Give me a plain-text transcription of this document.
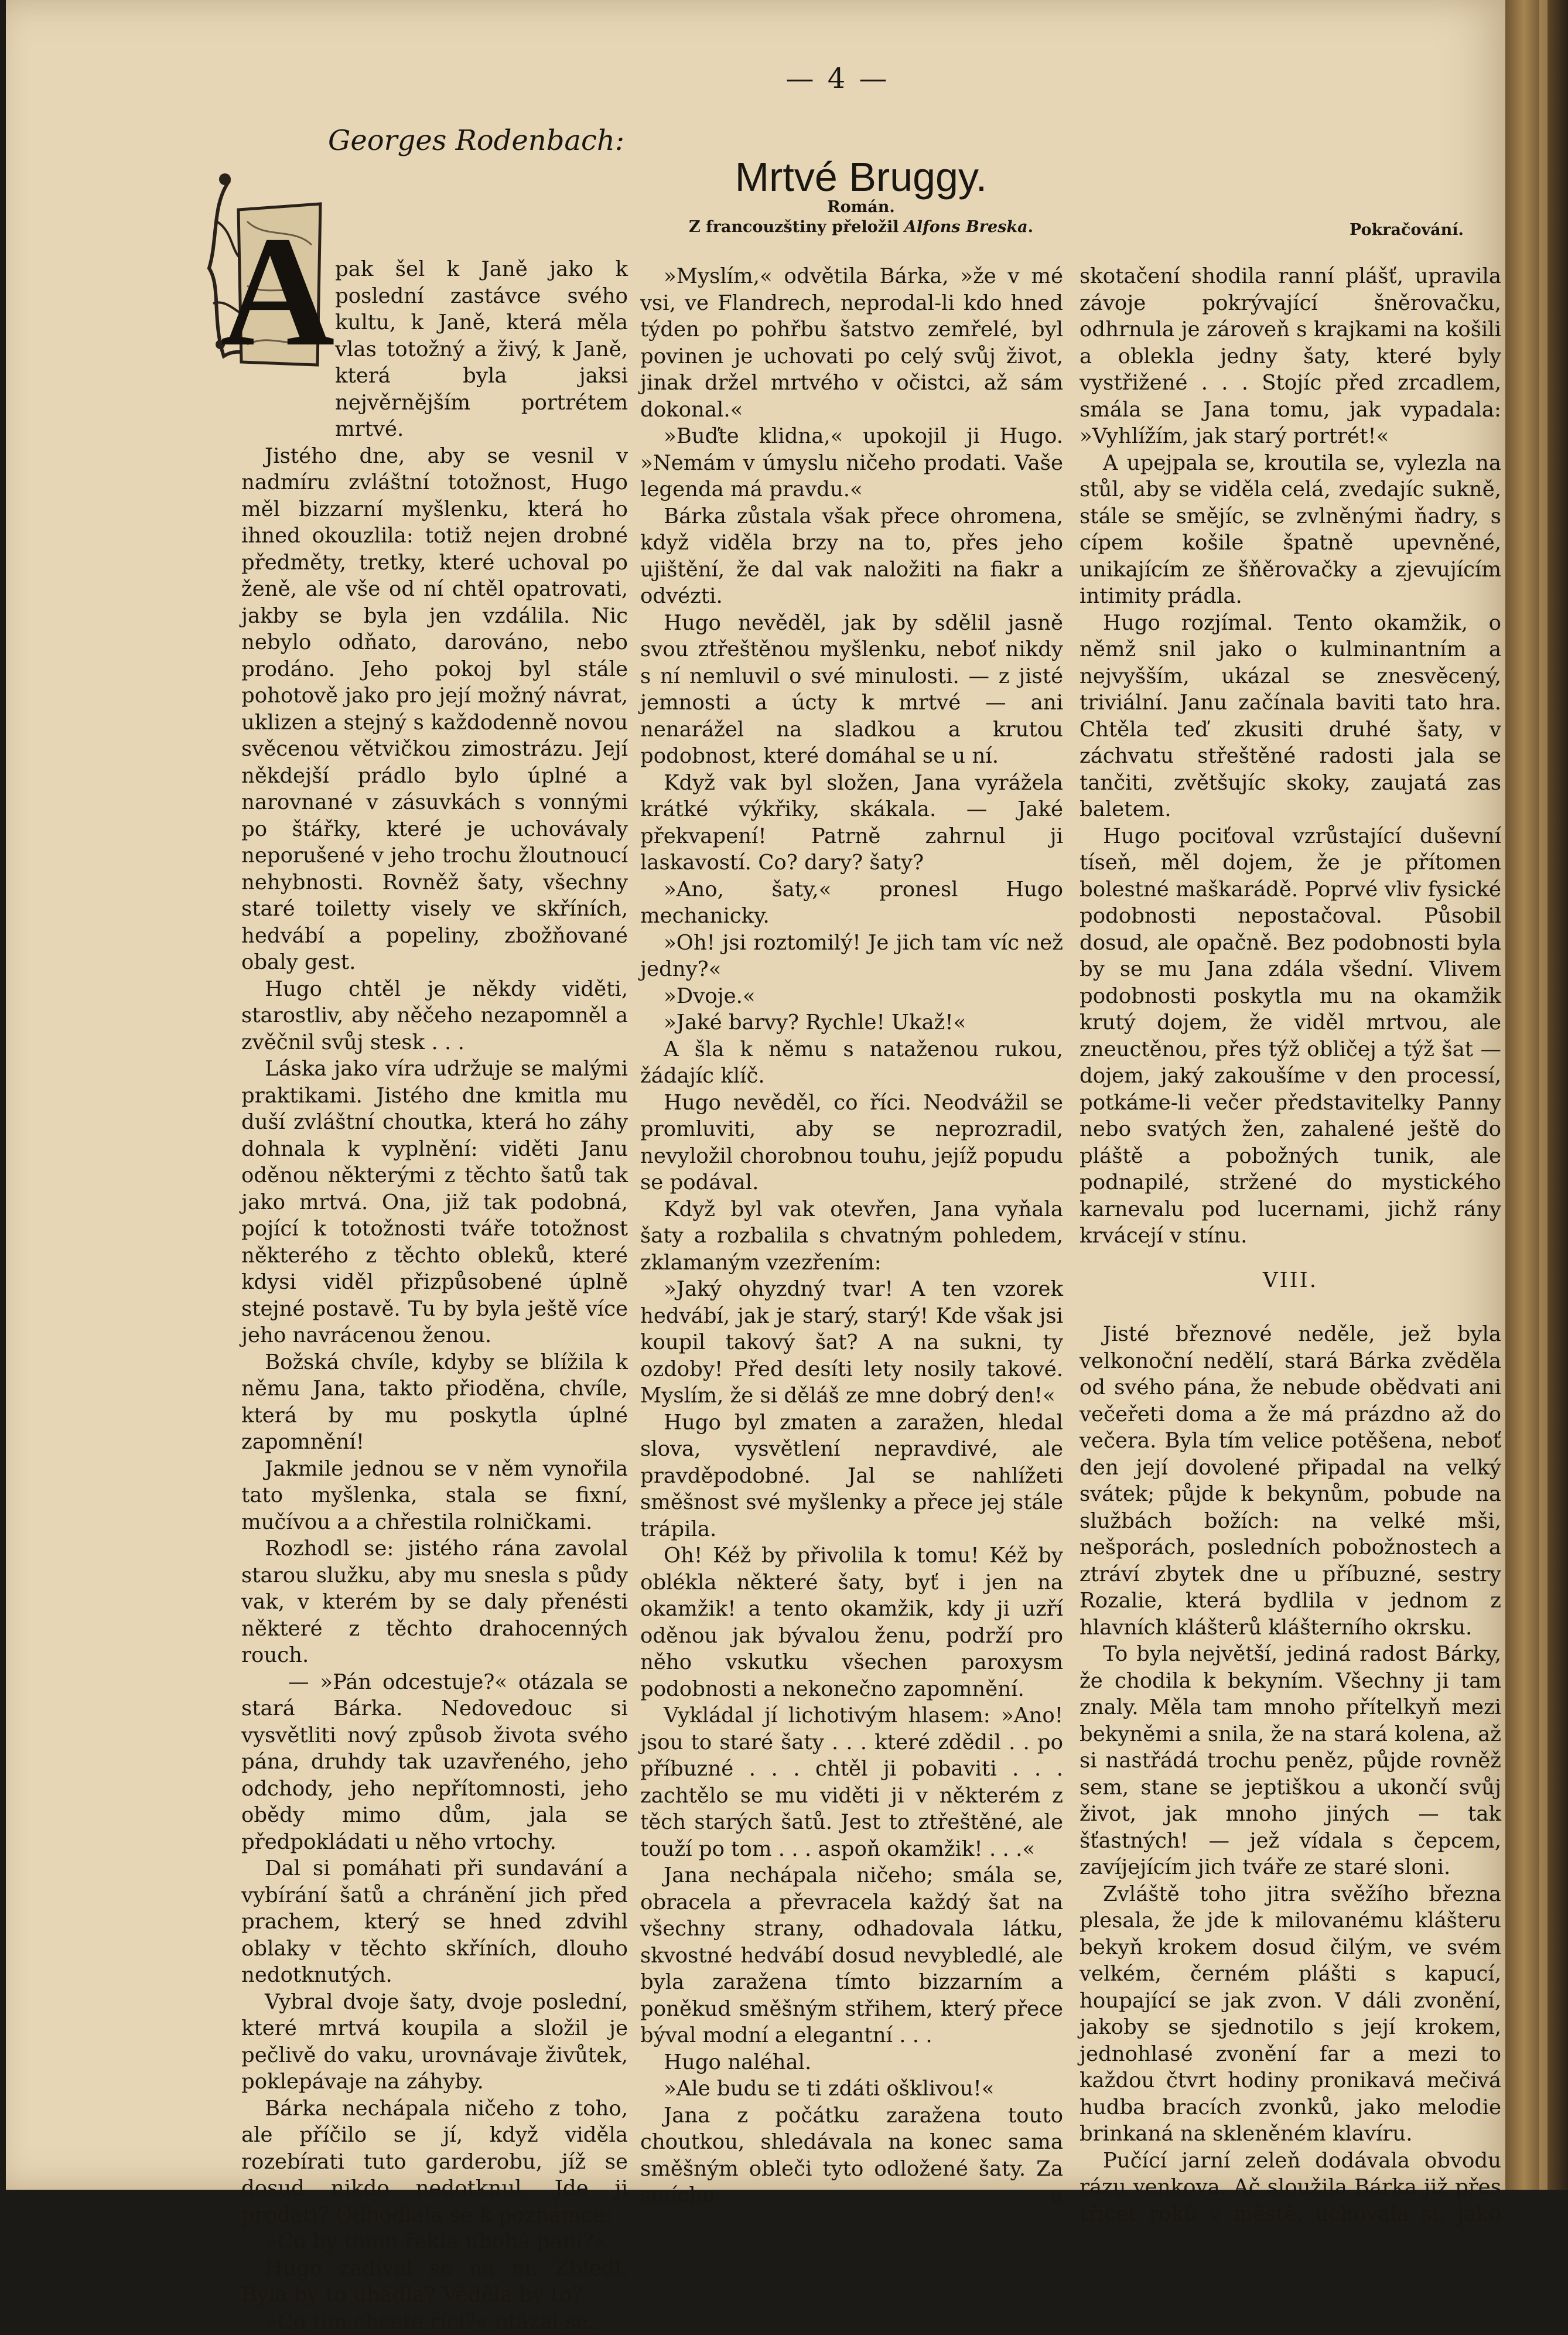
— 4 —
Georges Rodenbach:
Mrtvé Bruggy.
Román.
Z francouzštiny přeložil Alfons Breska.	Pokračování.
A pak šel k Janě jako k poslední zastávce svého kultu, k Janě, která měla vlas totožný a živý, k Janě, která byla jaksi nejvěrnějším portrétem mrtvé.

Jistého dne, aby se vesnil v nadmíru zvláštní totožnost, Hugo měl bizzarní myšlenku, která ho ihned okouzlila: totiž nejen drobné předměty, tretky, které uchoval po ženě, ale vše od ní chtěl opatrovati, jakby se byla jen vzdálila. Nic nebylo odňato, darováno, nebo prodáno. Jeho pokoj byl stále pohotově jako pro její možný návrat, uklizen a stejný s každodenně novou svěcenou větvičkou zimostrázu. Její někdejší prádlo bylo úplné a narovnané v zásuvkách s vonnými po štářky, které je uchovávaly neporušené v jeho trochu žloutnoucí nehybnosti. Rovněž šaty, všechny staré toiletty visely ve skříních, hedvábí a popeliny, zbožňované obaly gest.

Hugo chtěl je někdy viděti, starostliv, aby něčeho nezapomněl a zvěčnil svůj stesk . . .

Láska jako víra udržuje se malými praktikami. Jistého dne kmitla mu duší zvláštní choutka, která ho záhy dohnala k vyplnění: viděti Janu oděnou některými z těchto šatů tak jako mrtvá. Ona, již tak podobná, pojící k totožnosti tváře totožnost některého z těchto obleků, které kdysi viděl přizpůsobené úplně stejné postavě. Tu by byla ještě více jeho navrácenou ženou.

Božská chvíle, kdyby se blížila k němu Jana, takto přioděna, chvíle, která by mu poskytla úplné zapomnění!

Jakmile jednou se v něm vynořila tato myšlenka, stala se fixní, mučívou a a chřestila rolničkami.

Rozhodl se: jistého rána zavolal starou služku, aby mu snesla s půdy vak, v kterém by se daly přenésti některé z těchto drahocenných rouch.

— »Pán odcestuje?« otázala se stará Bárka. Nedovedouc si vysvětliti nový způsob života svého pána, druhdy tak uzavřeného, jeho odchody, jeho nepřítomnosti, jeho obědy mimo dům, jala se předpokládati u něho vrtochy.

Dal si pomáhati při sundavání a vybírání šatů a chránění jich před prachem, který se hned zdvihl oblaky v těchto skříních, dlouho nedotknutých.

Vybral dvoje šaty, dvoje poslední, které mrtvá koupila a složil je pečlivě do vaku, urovnávaje živůtek, poklepávaje na záhyby.

Bárka nechápala ničeho z toho, ale příčilo se jí, když viděla rozebírati tuto garderobu, jíž se dosud nikdo nedotknul. Jde ji prodati? Odhodlala se k poznámce:

»Co by tomu řekla ubohá paní?«

Hugo zadíval se na ni. Zbledl. Byla by to uhádla? Věděla by to?

»Co tím chcete říci?« otázal se.

»Myslím,« odvětila Bárka, »že v mé vsi, ve Flandrech, neprodal-li kdo hned týden po pohřbu šatstvo zemřelé, byl povinen je uchovati po celý svůj život, jinak držel mrtvého v očistci, až sám dokonal.«

»Buďte klidna,« upokojil ji Hugo. »Nemám v úmyslu ničeho prodati. Vaše legenda má pravdu.«

Bárka zůstala však přece ohromena, když viděla brzy na to, přes jeho ujištění, že dal vak naložiti na fiakr a odvézti.

Hugo nevěděl, jak by sdělil jasně svou ztřeštěnou myšlenku, neboť nikdy s ní nemluvil o své minulosti. — z jisté jemnosti a úcty k mrtvé — ani nenarážel na sladkou a krutou podobnost, které domáhal se u ní.

Když vak byl složen, Jana vyrážela krátké výkřiky, skákala. — Jaké překvapení! Patrně zahrnul ji laskavostí. Co? dary? šaty?

»Ano, šaty,« pronesl Hugo mechanicky.

»Oh! jsi roztomilý! Je jich tam víc než jedny?«

»Dvoje.«

»Jaké barvy? Rychle! Ukaž!«

A šla k němu s nataženou rukou, žádajíc klíč.

Hugo nevěděl, co říci. Neodvážil se promluviti, aby se neprozradil, nevyložil chorobnou touhu, jejíž popudu se podával.

Když byl vak otevřen, Jana vyňala šaty a rozbalila s chvatným pohledem, zklamaným vzezřením:

»Jaký ohyzdný tvar! A ten vzorek hedvábí, jak je starý, starý! Kde však jsi koupil takový šat? A na sukni, ty ozdoby! Před desíti lety nosily takové. Myslím, že si děláš ze mne dobrý den!«

Hugo byl zmaten a zaražen, hledal slova, vysvětlení nepravdivé, ale pravděpodobné. Jal se nahlížeti směšnost své myšlenky a přece jej stále trápila.

Oh! Kéž by přivolila k tomu! Kéž by oblékla některé šaty, byť i jen na okamžik! a tento okamžik, kdy ji uzří oděnou jak bývalou ženu, podrží pro něho vskutku všechen paroxysm podobnosti a nekonečno zapomnění.

Vykládal jí lichotivým hlasem: »Ano! jsou to staré šaty . . . které zdědil . . po příbuzné . . . chtěl ji pobaviti . . . zachtělo se mu viděti ji v některém z těch starých šatů. Jest to ztřeštěné, ale touží po tom . . . aspoň okamžik! . . .«

Jana nechápala ničeho; smála se, obracela a převracela každý šat na všechny strany, odhadovala látku, skvostné hedvábí dosud nevybledlé, ale byla zaražena tímto bizzarním a poněkud směšným střihem, který přece býval modní a elegantní . . .

Hugo naléhal.

»Ale budu se ti zdáti ošklivou!«

Jana z počátku zaražena touto choutkou, shledávala na konec sama směšným obleči tyto odložené šaty. Za smíchu a

skotačení shodila ranní plášť, upravila závoje pokrývající šněrovačku, odhrnula je zároveň s krajkami na košili a oblekla jedny šaty, které byly vystřižené . . . Stojíc před zrcadlem, smála se Jana tomu, jak vypadala: »Vyhlížím, jak starý portrét!«

A upejpala se, kroutila se, vylezla na stůl, aby se viděla celá, zvedajíc sukně, stále se smějíc, se zvlněnými ňadry, s cípem košile špatně upevněné, unikajícím ze šňěrovačky a zjevujícím intimity prádla.

Hugo rozjímal. Tento okamžik, o němž snil jako o kulminantním a nejvyšším, ukázal se znesvěcený, triviální. Janu začínala baviti tato hra. Chtěla teď zkusiti druhé šaty, v záchvatu střeštěné radosti jala se tančiti, zvětšujíc skoky, zaujatá zas baletem.

Hugo pociťoval vzrůstající duševní tíseň, měl dojem, že je přítomen bolestné maškarádě. Poprvé vliv fysické podobnosti nepostačoval. Působil dosud, ale opačně. Bez podobnosti byla by se mu Jana zdála všední. Vlivem podobnosti poskytla mu na okamžik krutý dojem, že viděl mrtvou, ale zneuctěnou, přes týž obličej a týž šat — dojem, jaký zakoušíme v den processí, potkáme-li večer představitelky Panny nebo svatých žen, zahalené ještě do pláště a pobožných tunik, ale podnapilé, stržené do mystického karnevalu pod lucernami, jichž rány krvácejí v stínu.

VIII.

Jisté březnové neděle, jež byla velkonoční nedělí, stará Bárka zvěděla od svého pána, že nebude obědvati ani večeřeti doma a že má prázdno až do večera. Byla tím velice potěšena, neboť den její dovolené připadal na velký svátek; půjde k bekynům, pobude na službách božích: na velké mši, nešporách, posledních pobožnostech a ztráví zbytek dne u příbuzné, sestry Rozalie, která bydlila v jednom z hlavních klášterů klášterního okrsku.

To byla největší, jediná radost Bárky, že chodila k bekyním. Všechny ji tam znaly. Měla tam mnoho přítelkyň mezi bekyněmi a snila, že na stará kolena, až si nastřádá trochu peněz, půjde rovněž sem, stane se jeptiškou a ukončí svůj život, jak mnoho jiných — tak šťastných! — jež vídala s čepcem, zavíjejícím jich tváře ze staré sloni.

Zvláště toho jitra svěžího března plesala, že jde k milovanému klášteru bekyň krokem dosud čilým, ve svém velkém, černém plášti s kapucí, houpající se jak zvon. V dáli zvonění, jakoby se sjednotilo s její krokem, jednohlasé zvonění far a mezi to každou čtvrt hodiny pronikavá mečivá hudba bracích zvonků, jako melodie brinkaná na skleněném klavíru.

Pučící jarní zeleň dodávala obvodu rázu venkova. Ač sloužila Bárka již přes třicet roků v městě, uchovala si, jako
